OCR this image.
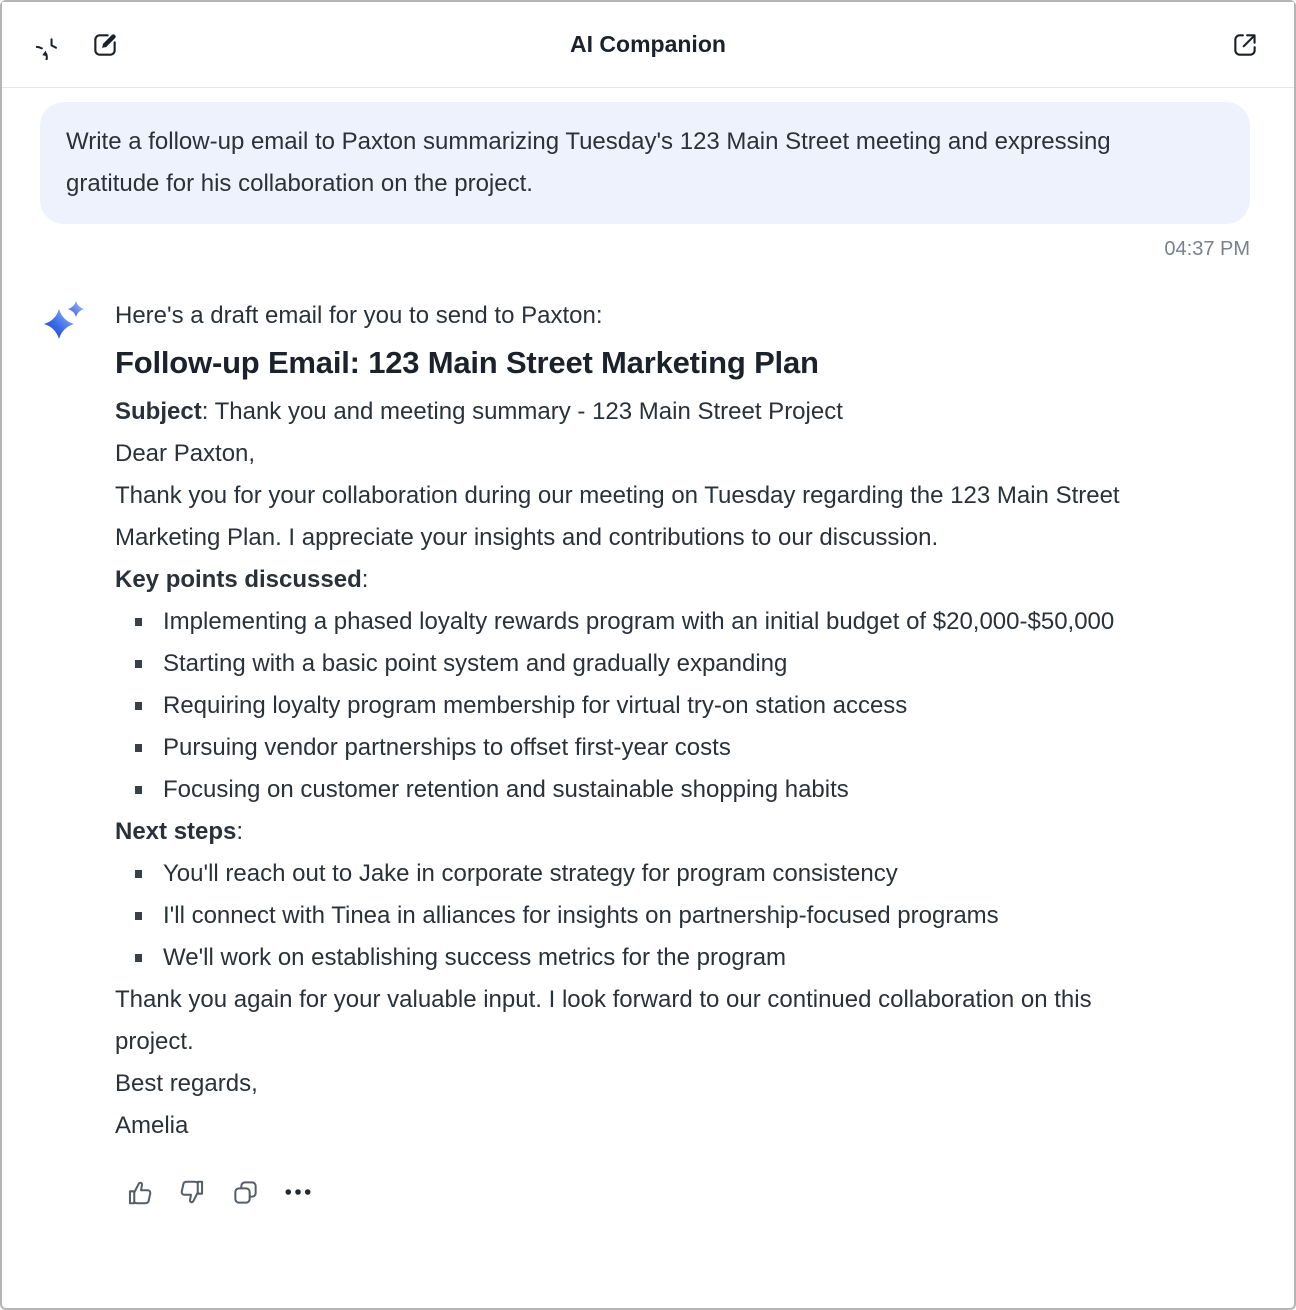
AI Companion
Write a follow-up email to Paxton summarizing Tuesday's 123 Main Street meeting and expressing gratitude for his collaboration on the project.
04:37 PM

Here's a draft email for you to send to Paxton:

Follow-up Email: 123 Main Street Marketing Plan

Subject: Thank you and meeting summary - 123 Main Street Project

Dear Paxton,

Thank you for your collaboration during our meeting on Tuesday regarding the 123 Main Street Marketing Plan. I appreciate your insights and contributions to our discussion.

Key points discussed:

Implementing a phased loyalty rewards program with an initial budget of $20,000-$50,000
Starting with a basic point system and gradually expanding
Requiring loyalty program membership for virtual try-on station access
Pursuing vendor partnerships to offset first-year costs
Focusing on customer retention and sustainable shopping habits

Next steps:

You'll reach out to Jake in corporate strategy for program consistency
I'll connect with Tinea in alliances for insights on partnership-focused programs
We'll work on establishing success metrics for the program

Thank you again for your valuable input. I look forward to our continued collaboration on this project.

Best regards,

Amelia
